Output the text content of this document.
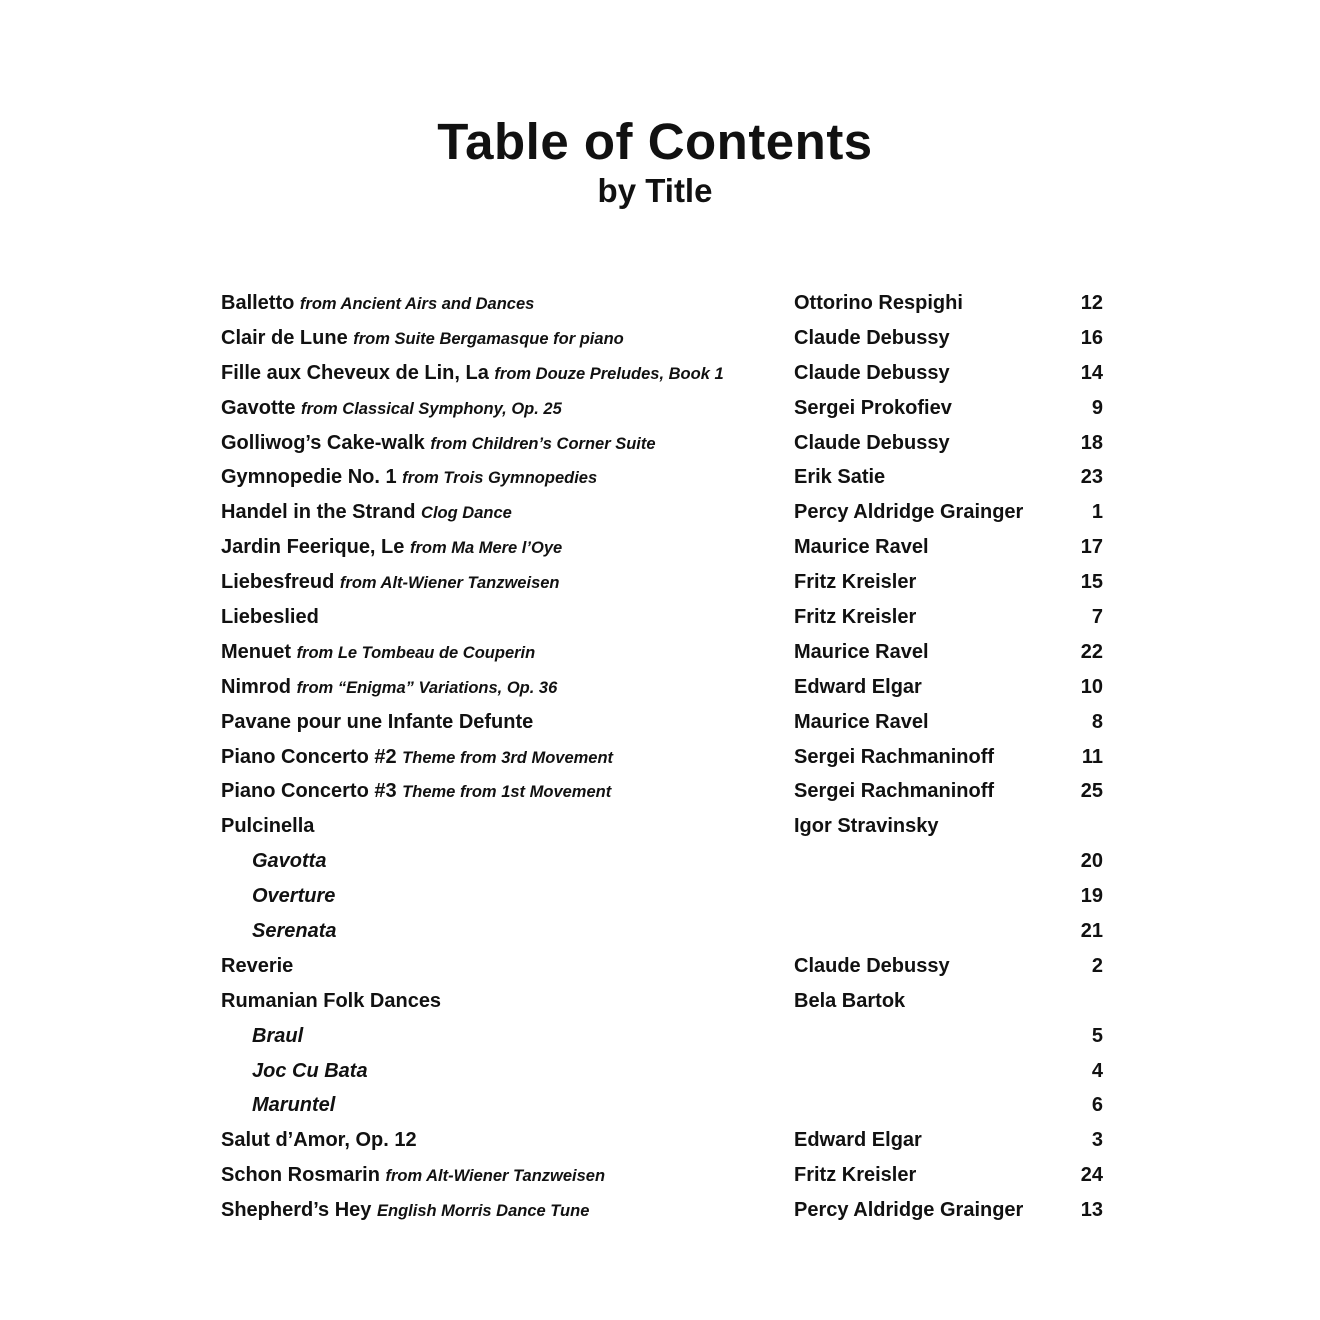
Table of Contents
by Title
Balletto from Ancient Airs and Dances	Ottorino Respighi	12
Clair de Lune from Suite Bergamasque for piano	Claude Debussy	16
Fille aux Cheveux de Lin, La from Douze Preludes, Book 1	Claude Debussy	14
Gavotte from Classical Symphony, Op. 25	Sergei Prokofiev	9
Golliwog’s Cake-walk from Children’s Corner Suite	Claude Debussy	18
Gymnopedie No. 1 from Trois Gymnopedies	Erik Satie	23
Handel in the Strand Clog Dance	Percy Aldridge Grainger	1
Jardin Feerique, Le from Ma Mere l’Oye	Maurice Ravel	17
Liebesfreud from Alt-Wiener Tanzweisen	Fritz Kreisler	15
Liebeslied	Fritz Kreisler	7
Menuet from Le Tombeau de Couperin	Maurice Ravel	22
Nimrod from “Enigma” Variations, Op. 36	Edward Elgar	10
Pavane pour une Infante Defunte	Maurice Ravel	8
Piano Concerto #2 Theme from 3rd Movement	Sergei Rachmaninoff	11
Piano Concerto #3 Theme from 1st Movement	Sergei Rachmaninoff	25
Pulcinella	Igor Stravinsky
Gavotta	20
Overture	19
Serenata	21
Reverie	Claude Debussy	2
Rumanian Folk Dances	Bela Bartok
Braul	5
Joc Cu Bata	4
Maruntel	6
Salut d’Amor, Op. 12	Edward Elgar	3
Schon Rosmarin from Alt-Wiener Tanzweisen	Fritz Kreisler	24
Shepherd’s Hey English Morris Dance Tune	Percy Aldridge Grainger	13
